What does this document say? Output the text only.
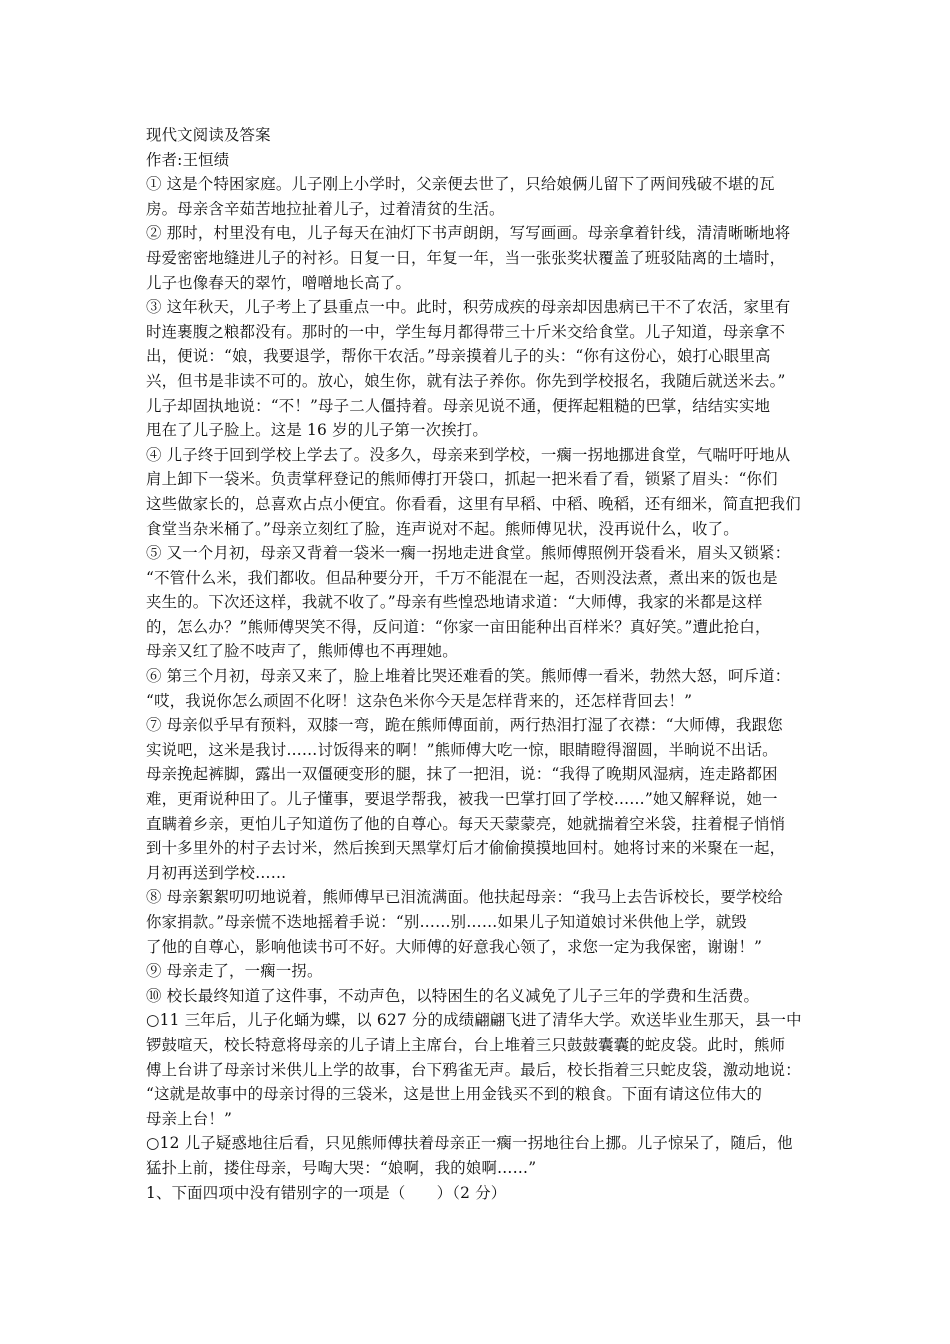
现代文阅读及答案
作者:王恒绩
① 这是个特困家庭。儿子刚上小学时，父亲便去世了，只给娘俩儿留下了两间残破不堪的瓦
房。母亲含辛茹苦地拉扯着儿子，过着清贫的生活。
② 那时，村里没有电，儿子每天在油灯下书声朗朗，写写画画。母亲拿着针线，清清晰晰地将
母爱密密地缝进儿子的衬衫。日复一日，年复一年，当一张张奖状覆盖了班驳陆离的土墙时，
儿子也像春天的翠竹，噌噌地长高了。
③ 这年秋天，儿子考上了县重点一中。此时，积劳成疾的母亲却因患病已干不了农活，家里有
时连裹腹之粮都没有。那时的一中，学生每月都得带三十斤米交给食堂。儿子知道，母亲拿不
出，便说：“娘，我要退学，帮你干农活。”母亲摸着儿子的头：“你有这份心，娘打心眼里高
兴，但书是非读不可的。放心，娘生你，就有法子养你。你先到学校报名，我随后就送米去。”
儿子却固执地说：“不！”母子二人僵持着。母亲见说不通，便挥起粗糙的巴掌，结结实实地
甩在了儿子脸上。这是 16 岁的儿子第一次挨打。
④ 儿子终于回到学校上学去了。没多久，母亲来到学校，一瘸一拐地挪进食堂，气喘吁吁地从
肩上卸下一袋米。负责掌秤登记的熊师傅打开袋口，抓起一把米看了看，锁紧了眉头：“你们
这些做家长的，总喜欢占点小便宜。你看看，这里有早稻、中稻、晚稻，还有细米，简直把我们
食堂当杂米桶了。”母亲立刻红了脸，连声说对不起。熊师傅见状，没再说什么，收了。
⑤ 又一个月初，母亲又背着一袋米一瘸一拐地走进食堂。熊师傅照例开袋看米，眉头又锁紧：
“不管什么米，我们都收。但品种要分开，千万不能混在一起，否则没法煮，煮出来的饭也是
夹生的。下次还这样，我就不收了。”母亲有些惶恐地请求道：“大师傅，我家的米都是这样
的，怎么办？”熊师傅哭笑不得，反问道：“你家一亩田能种出百样米？真好笑。”遭此抢白，
母亲又红了脸不吱声了，熊师傅也不再理她。
⑥ 第三个月初，母亲又来了，脸上堆着比哭还难看的笑。熊师傅一看米，勃然大怒，呵斥道：
“哎，我说你怎么顽固不化呀！这杂色米你今天是怎样背来的，还怎样背回去！”
⑦ 母亲似乎早有预料，双膝一弯，跪在熊师傅面前，两行热泪打湿了衣襟：“大师傅，我跟您
实说吧，这米是我讨……讨饭得来的啊！”熊师傅大吃一惊，眼睛瞪得溜圆，半晌说不出话。
母亲挽起裤脚，露出一双僵硬变形的腿，抹了一把泪，说：“我得了晚期风湿病，连走路都困
难，更甭说种田了。儿子懂事，要退学帮我，被我一巴掌打回了学校……”她又解释说，她一
直瞒着乡亲，更怕儿子知道伤了他的自尊心。每天天蒙蒙亮，她就揣着空米袋，拄着棍子悄悄
到十多里外的村子去讨米，然后挨到天黑掌灯后才偷偷摸摸地回村。她将讨来的米聚在一起，
月初再送到学校……
⑧ 母亲絮絮叨叨地说着，熊师傅早已泪流满面。他扶起母亲：“我马上去告诉校长，要学校给
你家捐款。”母亲慌不迭地摇着手说：“别……别……如果儿子知道娘讨米供他上学，就毁
了他的自尊心，影响他读书可不好。大师傅的好意我心领了，求您一定为我保密，谢谢！”
⑨ 母亲走了，一瘸一拐。
⑩ 校长最终知道了这件事，不动声色，以特困生的名义减免了儿子三年的学费和生活费。
○11 三年后，儿子化蛹为蝶，以 627 分的成绩翩翩飞进了清华大学。欢送毕业生那天，县一中
锣鼓喧天，校长特意将母亲的儿子请上主席台，台上堆着三只鼓鼓囊囊的蛇皮袋。此时，熊师
傅上台讲了母亲讨米供儿上学的故事，台下鸦雀无声。最后，校长指着三只蛇皮袋，激动地说：
“这就是故事中的母亲讨得的三袋米，这是世上用金钱买不到的粮食。下面有请这位伟大的
母亲上台！”
○12 儿子疑惑地往后看，只见熊师傅扶着母亲正一瘸一拐地往台上挪。儿子惊呆了，随后，他
猛扑上前，搂住母亲，号啕大哭：“娘啊，我的娘啊……”
1、下面四项中没有错别字的一项是（　　）（2 分）
